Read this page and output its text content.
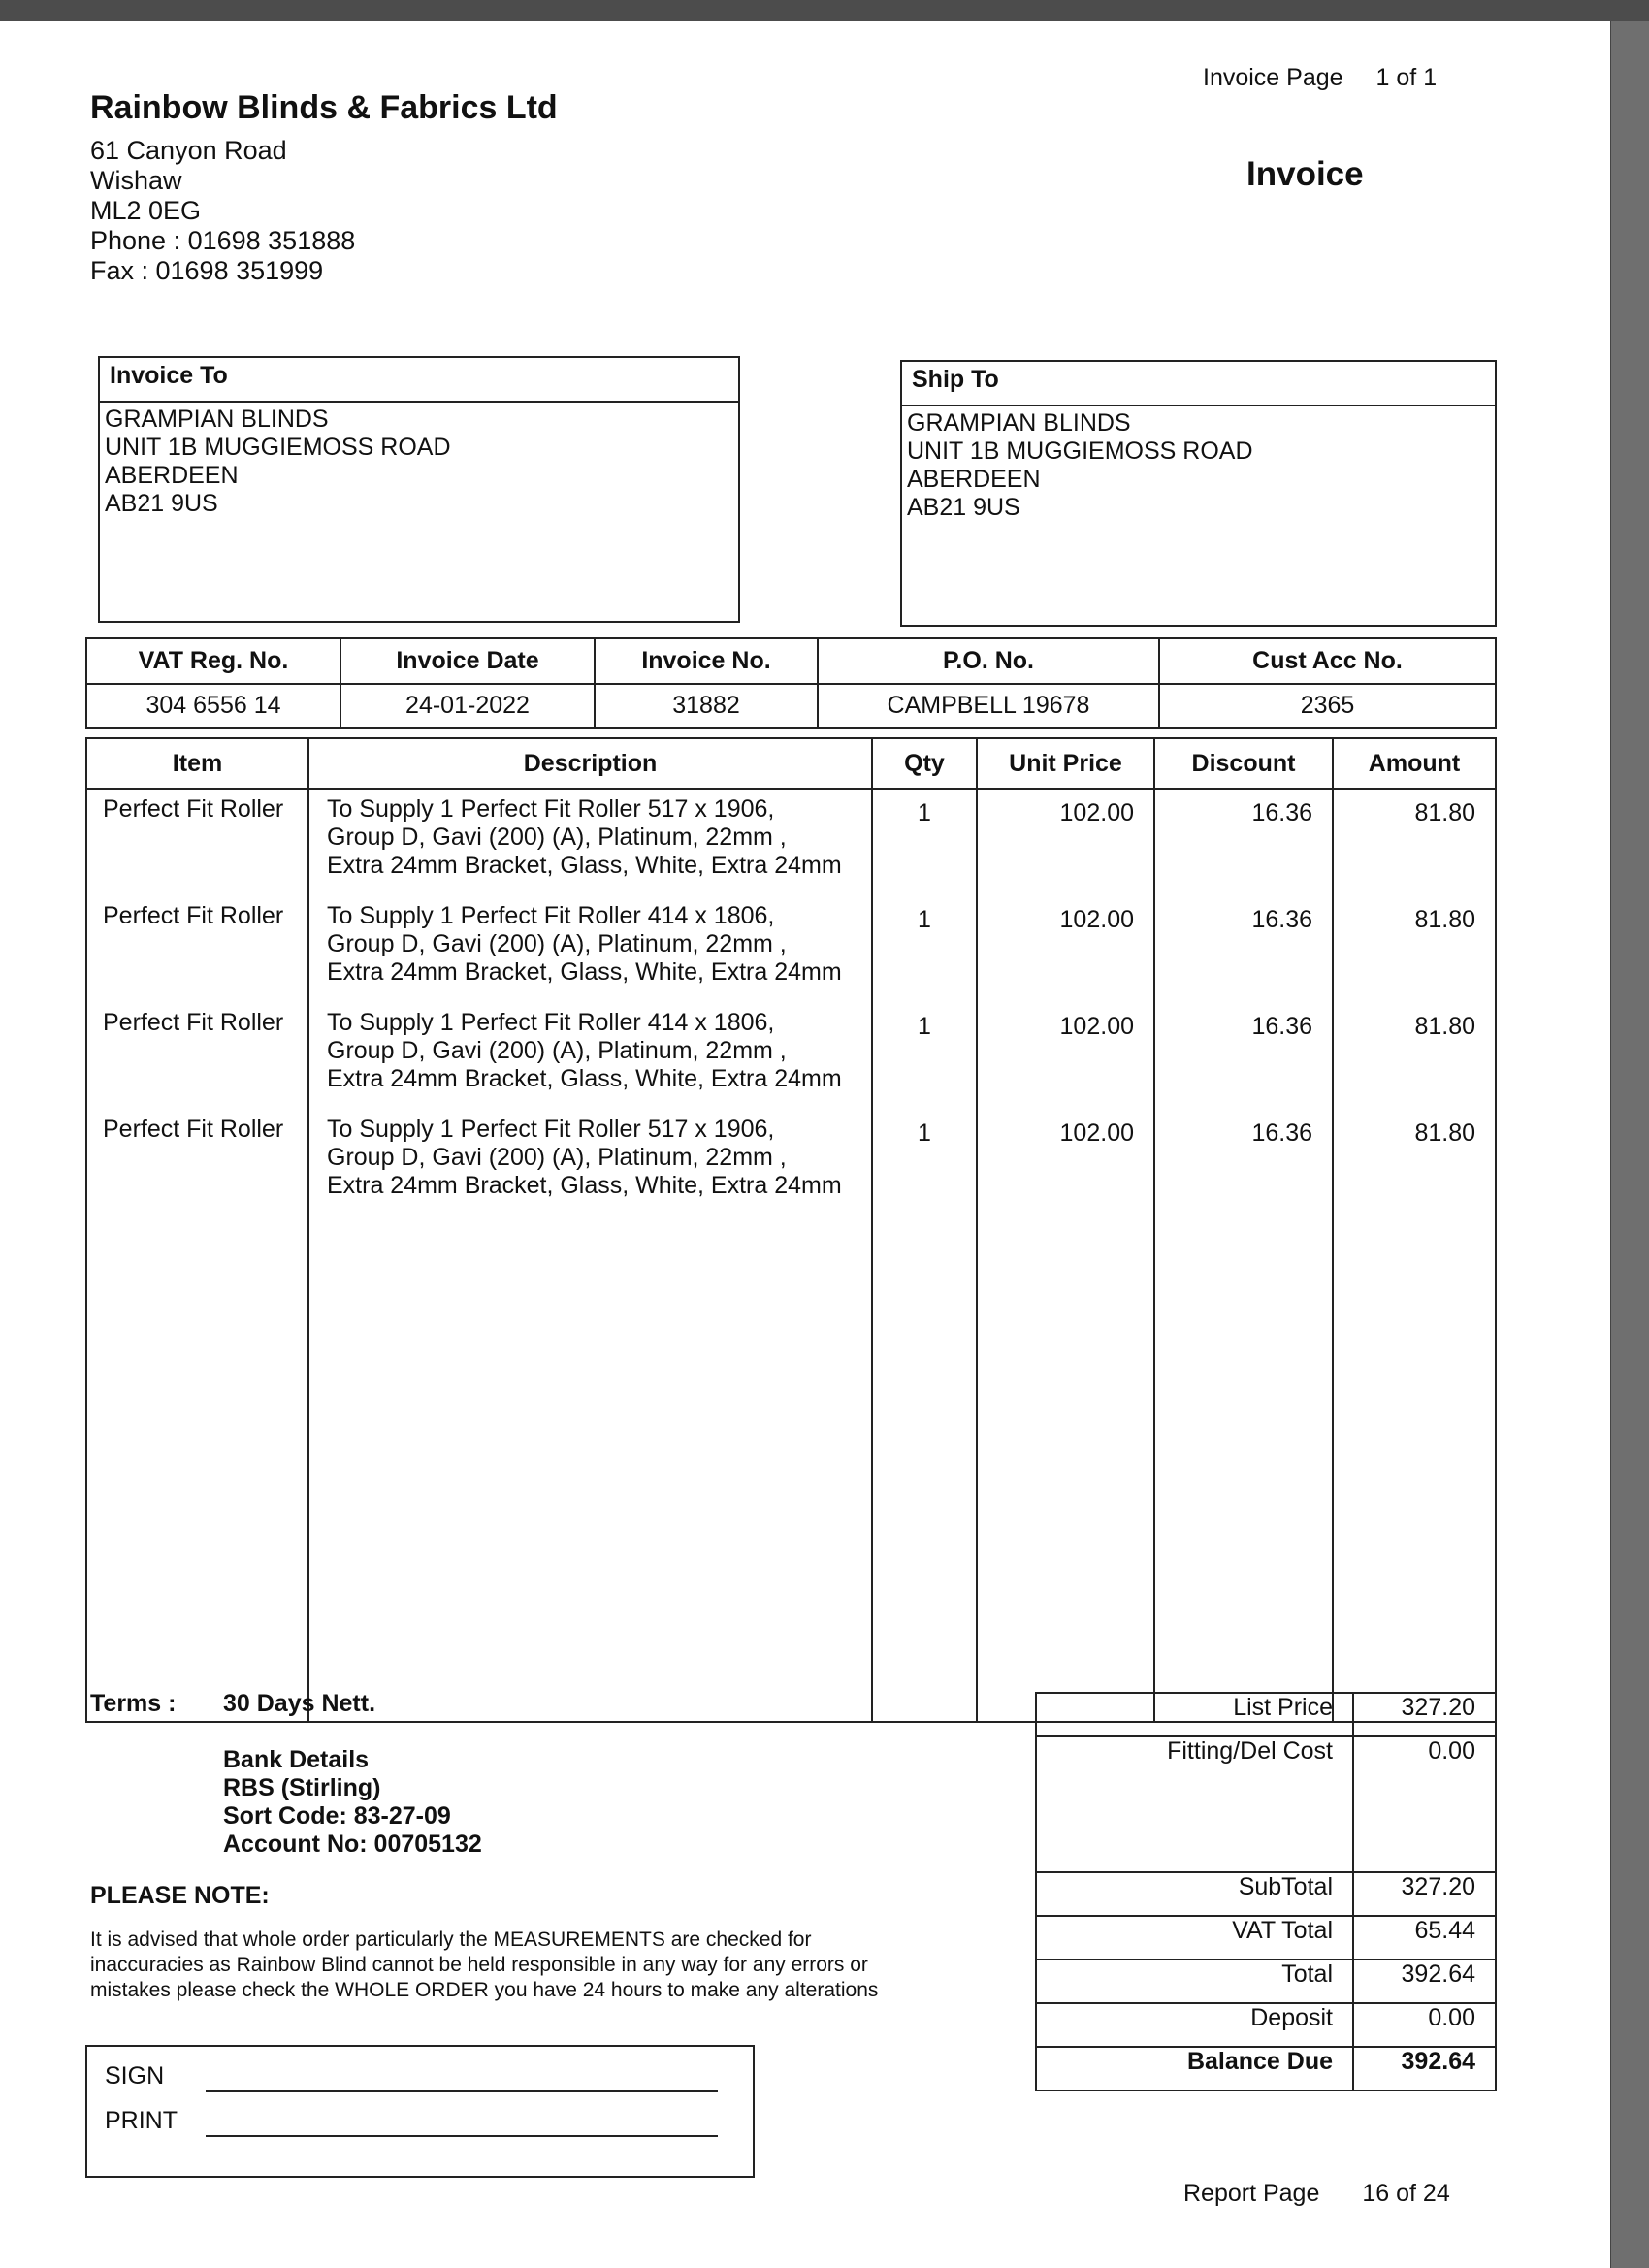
Rainbow Blinds & Fabrics Ltd
61 Canyon Road
Wishaw
ML2 0EG
Phone : 01698 351888
Fax : 01698 351999
Invoice Page 1 of 1
Invoice
Invoice To
GRAMPIAN BLINDS
UNIT 1B MUGGIEMOSS ROAD
ABERDEEN
AB21 9US
Ship To
GRAMPIAN BLINDS
UNIT 1B MUGGIEMOSS ROAD
ABERDEEN
AB21 9US
VAT Reg. No.	Invoice Date	Invoice No.	P.O. No.	Cust Acc No.
304 6556 14	24-01-2022	31882	CAMPBELL 19678	2365
Item	Description	Qty	Unit Price	Discount	Amount
Perfect Fit Roller	To Supply 1 Perfect Fit Roller 517 x 1906,
Group D, Gavi (200) (A), Platinum, 22mm ,
Extra 24mm Bracket, Glass, White, Extra 24mm	1	102.00	16.36	81.80
Perfect Fit Roller	To Supply 1 Perfect Fit Roller 414 x 1806,
Group D, Gavi (200) (A), Platinum, 22mm ,
Extra 24mm Bracket, Glass, White, Extra 24mm	1	102.00	16.36	81.80
Perfect Fit Roller	To Supply 1 Perfect Fit Roller 414 x 1806,
Group D, Gavi (200) (A), Platinum, 22mm ,
Extra 24mm Bracket, Glass, White, Extra 24mm	1	102.00	16.36	81.80
Perfect Fit Roller	To Supply 1 Perfect Fit Roller 517 x 1906,
Group D, Gavi (200) (A), Platinum, 22mm ,
Extra 24mm Bracket, Glass, White, Extra 24mm	1	102.00	16.36	81.80

Terms : 30 Days Nett.
Bank Details
RBS (Stirling)
Sort Code: 83-27-09
Account No: 00705132
PLEASE NOTE:
It is advised that whole order particularly the MEASUREMENTS are checked for
inaccuracies as Rainbow Blind cannot be held responsible in any way for any errors or
mistakes please check the WHOLE ORDER you have 24 hours to make any alterations
SIGN
PRINT
List Price	327.20
Fitting/Del Cost	0.00
SubTotal	327.20
VAT Total	65.44
Total	392.64
Deposit	0.00
Balance Due	392.64
Report Page 16 of 24
